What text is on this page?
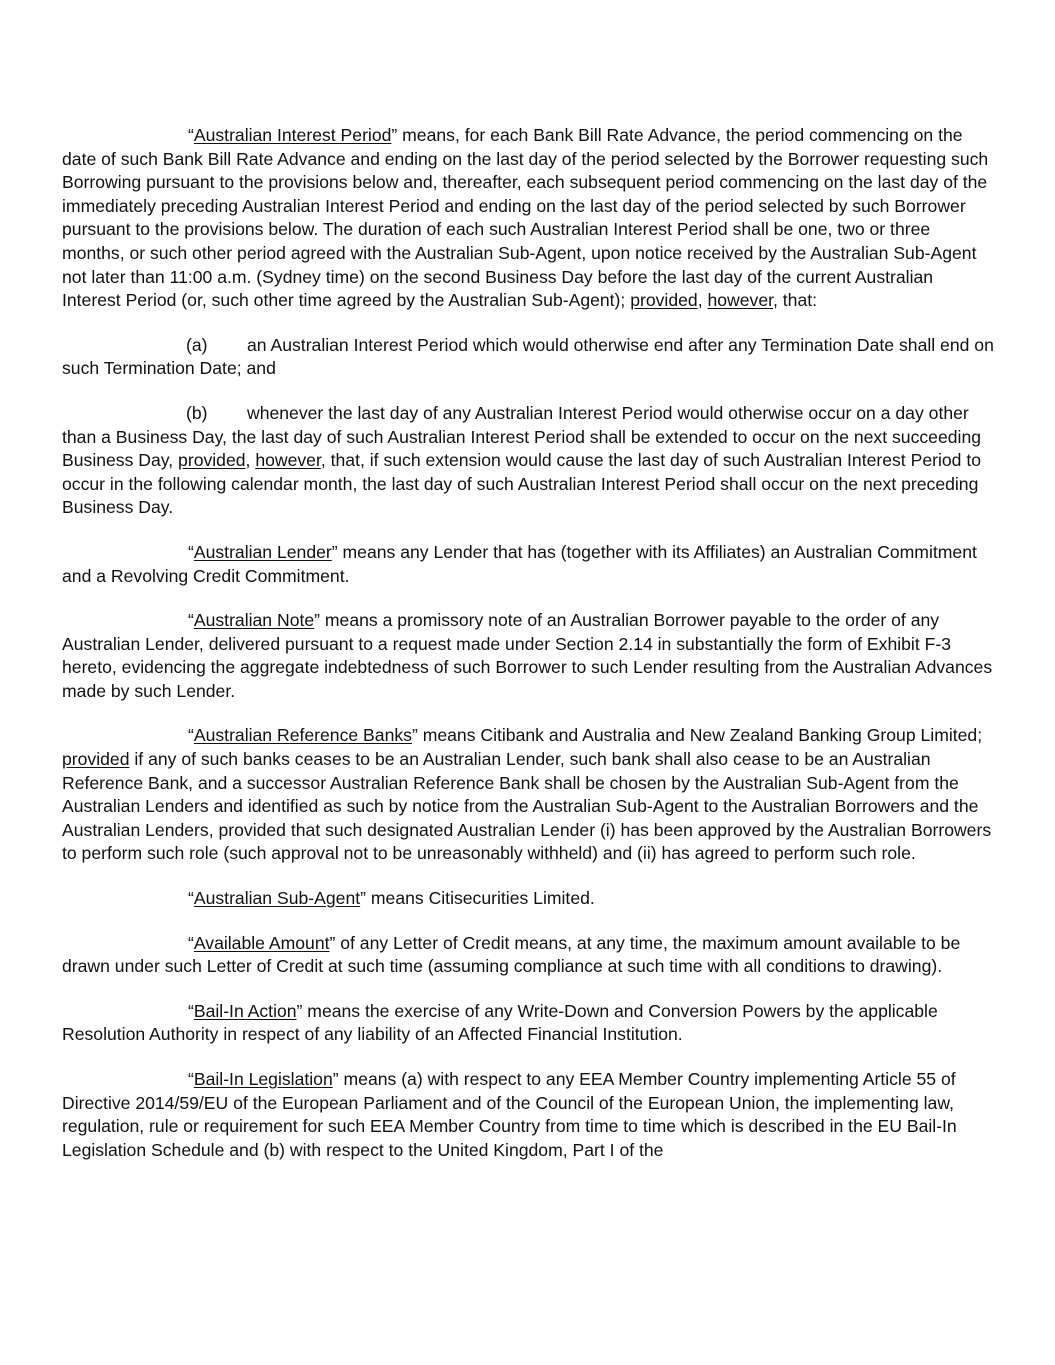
“Australian Interest Period” means, for each Bank Bill Rate Advance, the period commencing on the date of such Bank Bill Rate Advance and ending on the last day of the period selected by the Borrower requesting such Borrowing pursuant to the provisions below and, thereafter, each subsequent period commencing on the last day of the immediately preceding Australian Interest Period and ending on the last day of the period selected by such Borrower pursuant to the provisions below. The duration of each such Australian Interest Period shall be one, two or three months, or such other period agreed with the Australian Sub-Agent, upon notice received by the Australian Sub-Agent not later than 11:00 a.m. (Sydney time) on the second Business Day before the last day of the current Australian Interest Period (or, such other time agreed by the Australian Sub-Agent); provided, however, that:

(a) an Australian Interest Period which would otherwise end after any Termination Date shall end on such Termination Date; and

(b) whenever the last day of any Australian Interest Period would otherwise occur on a day other than a Business Day, the last day of such Australian Interest Period shall be extended to occur on the next succeeding Business Day, provided, however, that, if such extension would cause the last day of such Australian Interest Period to occur in the following calendar month, the last day of such Australian Interest Period shall occur on the next preceding Business Day.

“Australian Lender” means any Lender that has (together with its Affiliates) an Australian Commitment and a Revolving Credit Commitment.

“Australian Note” means a promissory note of an Australian Borrower payable to the order of any Australian Lender, delivered pursuant to a request made under Section 2.14 in substantially the form of Exhibit F-3 hereto, evidencing the aggregate indebtedness of such Borrower to such Lender resulting from the Australian Advances made by such Lender.

“Australian Reference Banks” means Citibank and Australia and New Zealand Banking Group Limited; provided if any of such banks ceases to be an Australian Lender, such bank shall also cease to be an Australian Reference Bank, and a successor Australian Reference Bank shall be chosen by the Australian Sub-Agent from the Australian Lenders and identified as such by notice from the Australian Sub-Agent to the Australian Borrowers and the Australian Lenders, provided that such designated Australian Lender (i) has been approved by the Australian Borrowers to perform such role (such approval not to be unreasonably withheld) and (ii) has agreed to perform such role.

“Australian Sub-Agent” means Citisecurities Limited.

“Available Amount” of any Letter of Credit means, at any time, the maximum amount available to be drawn under such Letter of Credit at such time (assuming compliance at such time with all conditions to drawing).

“Bail-In Action” means the exercise of any Write-Down and Conversion Powers by the applicable Resolution Authority in respect of any liability of an Affected Financial Institution.

“Bail-In Legislation” means (a) with respect to any EEA Member Country implementing Article 55 of Directive 2014/59/EU of the European Parliament and of the Council of the European Union, the implementing law, regulation, rule or requirement for such EEA Member Country from time to time which is described in the EU Bail-In Legislation Schedule and (b) with respect to the United Kingdom, Part I of the
